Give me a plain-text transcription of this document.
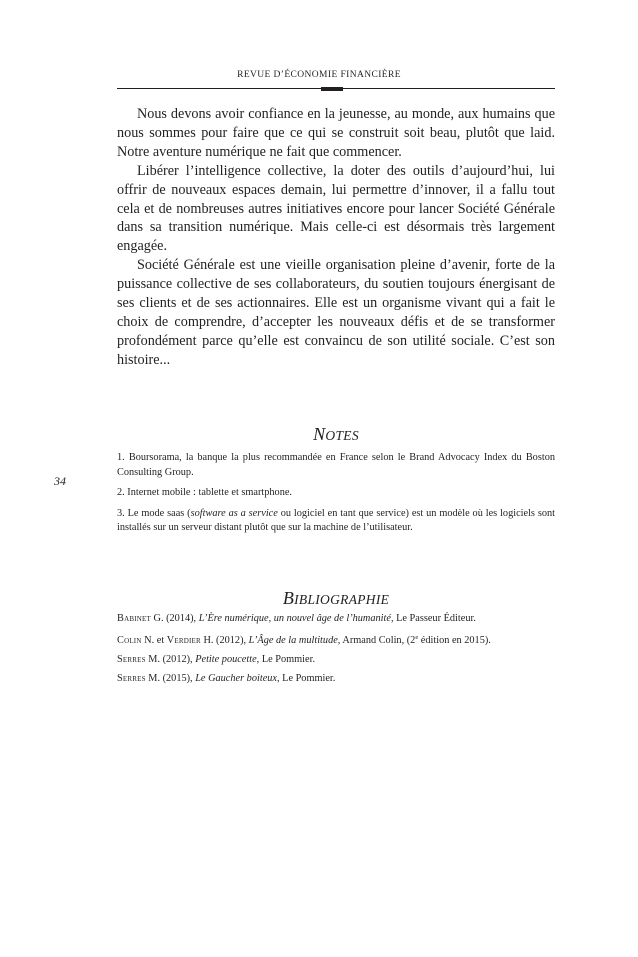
REVUE D’ÉCONOMIE FINANCIÈRE

Nous devons avoir confiance en la jeunesse, au monde, aux humains que nous sommes pour faire que ce qui se construit soit beau, plutôt que laid. Notre aventure numérique ne fait que commencer.

Libérer l’intelligence collective, la doter des outils d’aujourd’hui, lui offrir de nouveaux espaces demain, lui permettre d’innover, il a fallu tout cela et de nombreuses autres initiatives encore pour lancer Société Générale dans sa transition numérique. Mais celle-ci est désormais très largement engagée.

Société Générale est une vieille organisation pleine d’avenir, forte de la puissance collective de ses collaborateurs, du soutien toujours énergisant de ses clients et de ses actionnaires. Elle est un organisme vivant qui a fait le choix de comprendre, d’accepter les nouveaux défis et de se transformer profondément parce qu’elle est convaincu de son utilité sociale. C’est son histoire...

34
NOTES

1. Boursorama, la banque la plus recommandée en France selon le Brand Advocacy Index du Boston Consulting Group.

2. Internet mobile : tablette et smartphone.

3. Le mode saas (software as a service ou logiciel en tant que service) est un modèle où les logiciels sont installés sur un serveur distant plutôt que sur la machine de l’utilisateur.

BIBLIOGRAPHIE

Babinet G. (2014), L’Ère numérique, un nouvel âge de l’humanité, Le Passeur Éditeur.

Colin N. et Verdier H. (2012), L’Âge de la multitude, Armand Colin, (2e édition en 2015).

Serres M. (2012), Petite poucette, Le Pommier.

Serres M. (2015), Le Gaucher boiteux, Le Pommier.
